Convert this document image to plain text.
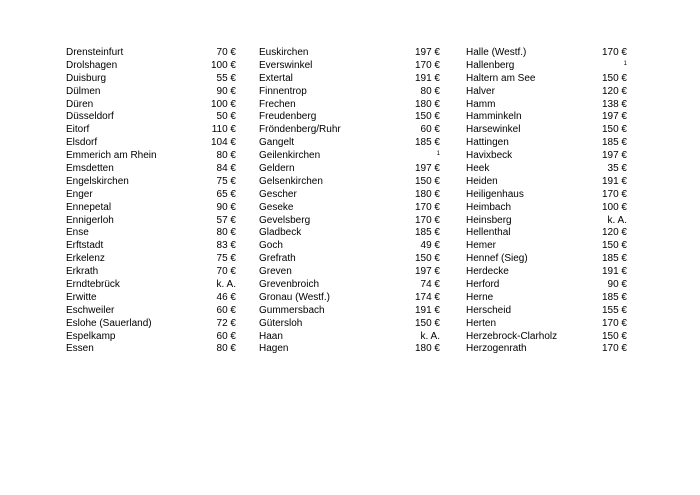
Drensteinfurt	70 €
Drolshagen	100 €
Duisburg	55 €
Dülmen	90 €
Düren	100 €
Düsseldorf	50 €
Eitorf	110 €
Elsdorf	104 €
Emmerich am Rhein	80 €
Emsdetten	84 €
Engelskirchen	75 €
Enger	65 €
Ennepetal	90 €
Ennigerloh	57 €
Ense	80 €
Erftstadt	83 €
Erkelenz	75 €
Erkrath	70 €
Erndtebrück	k. A.
Erwitte	46 €
Eschweiler	60 €
Eslohe (Sauerland)	72 €
Espelkamp	60 €
Essen	80 €
Euskirchen	197 €
Everswinkel	170 €
Extertal	191 €
Finnentrop	80 €
Frechen	180 €
Freudenberg	150 €
Fröndenberg/Ruhr	60 €
Gangelt	185 €
Geilenkirchen	1
Geldern	197 €
Gelsenkirchen	150 €
Gescher	180 €
Geseke	170 €
Gevelsberg	170 €
Gladbeck	185 €
Goch	49 €
Grefrath	150 €
Greven	197 €
Grevenbroich	74 €
Gronau (Westf.)	174 €
Gummersbach	191 €
Gütersloh	150 €
Haan	k. A.
Hagen	180 €
Halle (Westf.)	170 €
Hallenberg	1
Haltern am See	150 €
Halver	120 €
Hamm	138 €
Hamminkeln	197 €
Harsewinkel	150 €
Hattingen	185 €
Havixbeck	197 €
Heek	35 €
Heiden	191 €
Heiligenhaus	170 €
Heimbach	100 €
Heinsberg	k. A.
Hellenthal	120 €
Hemer	150 €
Hennef (Sieg)	185 €
Herdecke	191 €
Herford	90 €
Herne	185 €
Herscheid	155 €
Herten	170 €
Herzebrock-Clarholz	150 €
Herzogenrath	170 €
